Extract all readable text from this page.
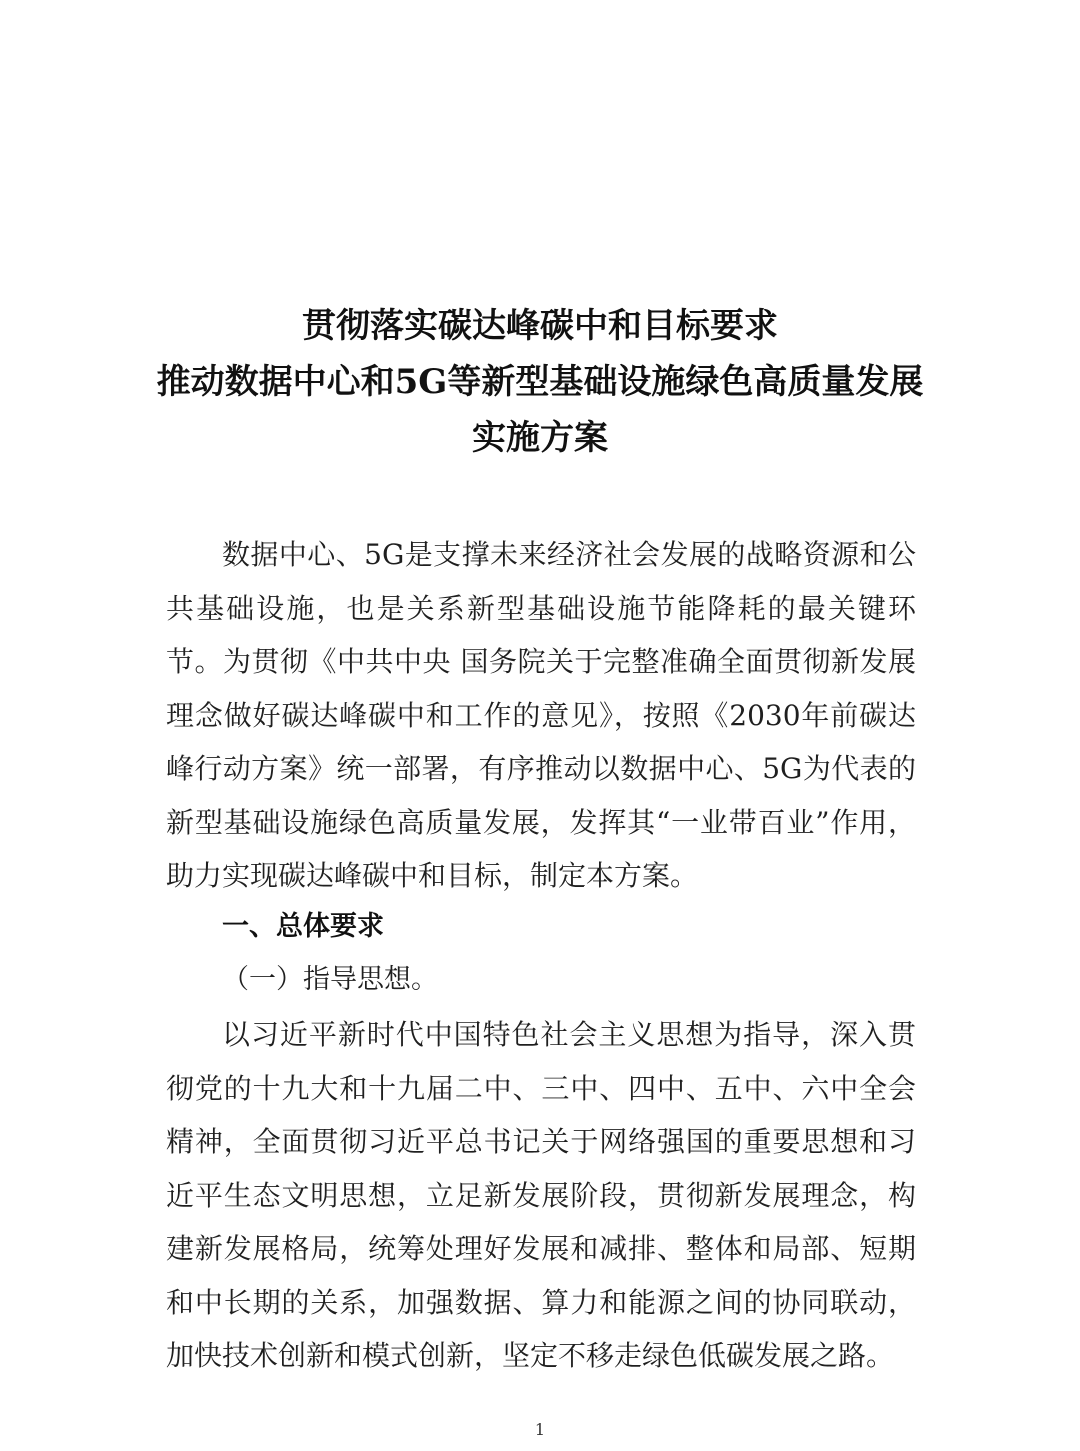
贯彻落实碳达峰碳中和目标要求
推动数据中心和5G等新型基础设施绿色高质量发展
实施方案

数据中心、5G是支撑未来经济社会发展的战略资源和公共基础设施，也是关系新型基础设施节能降耗的最关键环节。为贯彻《中共中央 国务院关于完整准确全面贯彻新发展理念做好碳达峰碳中和工作的意见》，按照《2030年前碳达峰行动方案》统一部署，有序推动以数据中心、5G为代表的新型基础设施绿色高质量发展，发挥其“一业带百业”作用，助力实现碳达峰碳中和目标，制定本方案。

一、总体要求
（一）指导思想。

以习近平新时代中国特色社会主义思想为指导，深入贯彻党的十九大和十九届二中、三中、四中、五中、六中全会精神，全面贯彻习近平总书记关于网络强国的重要思想和习近平生态文明思想，立足新发展阶段，贯彻新发展理念，构建新发展格局，统筹处理好发展和减排、整体和局部、短期和中长期的关系，加强数据、算力和能源之间的协同联动，加快技术创新和模式创新，坚定不移走绿色低碳发展之路。

1
